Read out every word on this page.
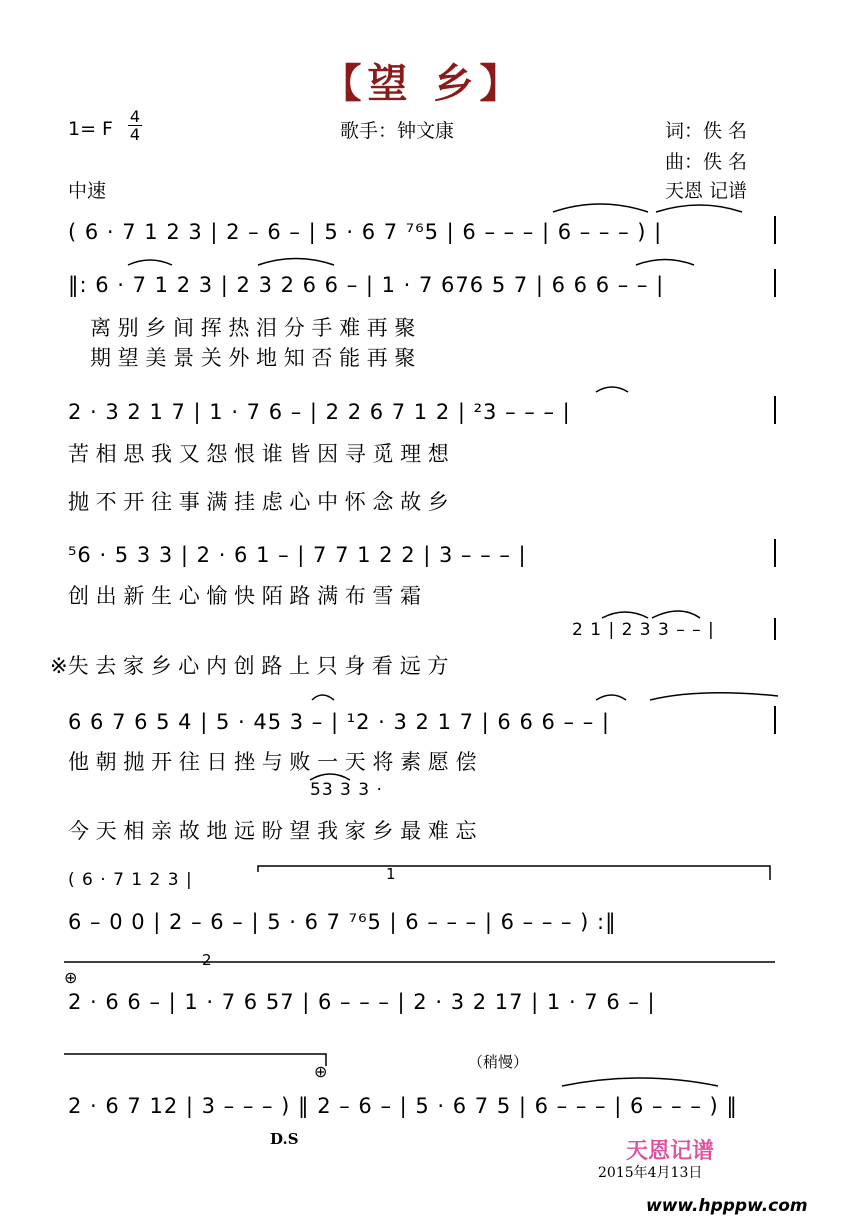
【望 乡】
1= F $\frac{4}{4}$	歌手：钟文康	词：佚 名
曲：佚 名
天恩 记谱
中速
( 6 · 7 1 2 3 | 2 – 6 – | 5 · 6 7 ⁷⁶5 | 6 – – – | 6 – – – ) |
‖: 6 · 7 1 2 3 | 2 3 2 6 6 – | 1 · 7 676 5 7 | 6 6 6 – – |
离 别 乡 间 挥 热 泪 分 手 难 再 聚
期 望 美 景 关 外 地 知 否 能 再 聚
2 · 3 2 1 7 | 1 · 7 6 – | 2 2 6 7 1 2 | ²3 – – – |
苦 相 思 我 又 怨 恨 谁 皆 因 寻 觅 理 想
抛 不 开 往 事 满 挂 虑 心 中 怀 念 故 乡
⁵6 · 5 3 3 | 2 · 6 1 – | 7 7 1 2 2 | 3 – – – |
创 出 新 生 心 愉 快 陌 路 满 布 雪 霜
2 1 | 2 3 3 – – |
※失 去 家 乡 心 内 创 路 上 只 身 看 远 方
6 6 7 6 5 4 | 5 · 45 3 – | ¹2 · 3 2 1 7 | 6 6 6 – – |
他 朝 抛 开 往 日 挫 与 败 一 天 将 素 愿 偿
53 3 3 ·
今 天 相 亲 故 地 远 盼 望 我 家 乡 最 难 忘
( 6 · 7 1 2 3 |	1
6 – 0 0 | 2 – 6 – | 5 · 6 7 ⁷⁶5 | 6 – – – | 6 – – – ) :‖
2
⊕
2 · 6 6 – | 1 · 7 6 57 | 6 – – – | 2 · 3 2 17 | 1 · 7 6 – |
⊕	（稍慢）
2 · 6 7 12 | 3 – – – ) ‖ 2 – 6 – | 5 · 6 7 5 | 6 – – – | 6 – – – ) ‖
D.S	天恩记谱
2015年4月13日
www.hpppw.com
